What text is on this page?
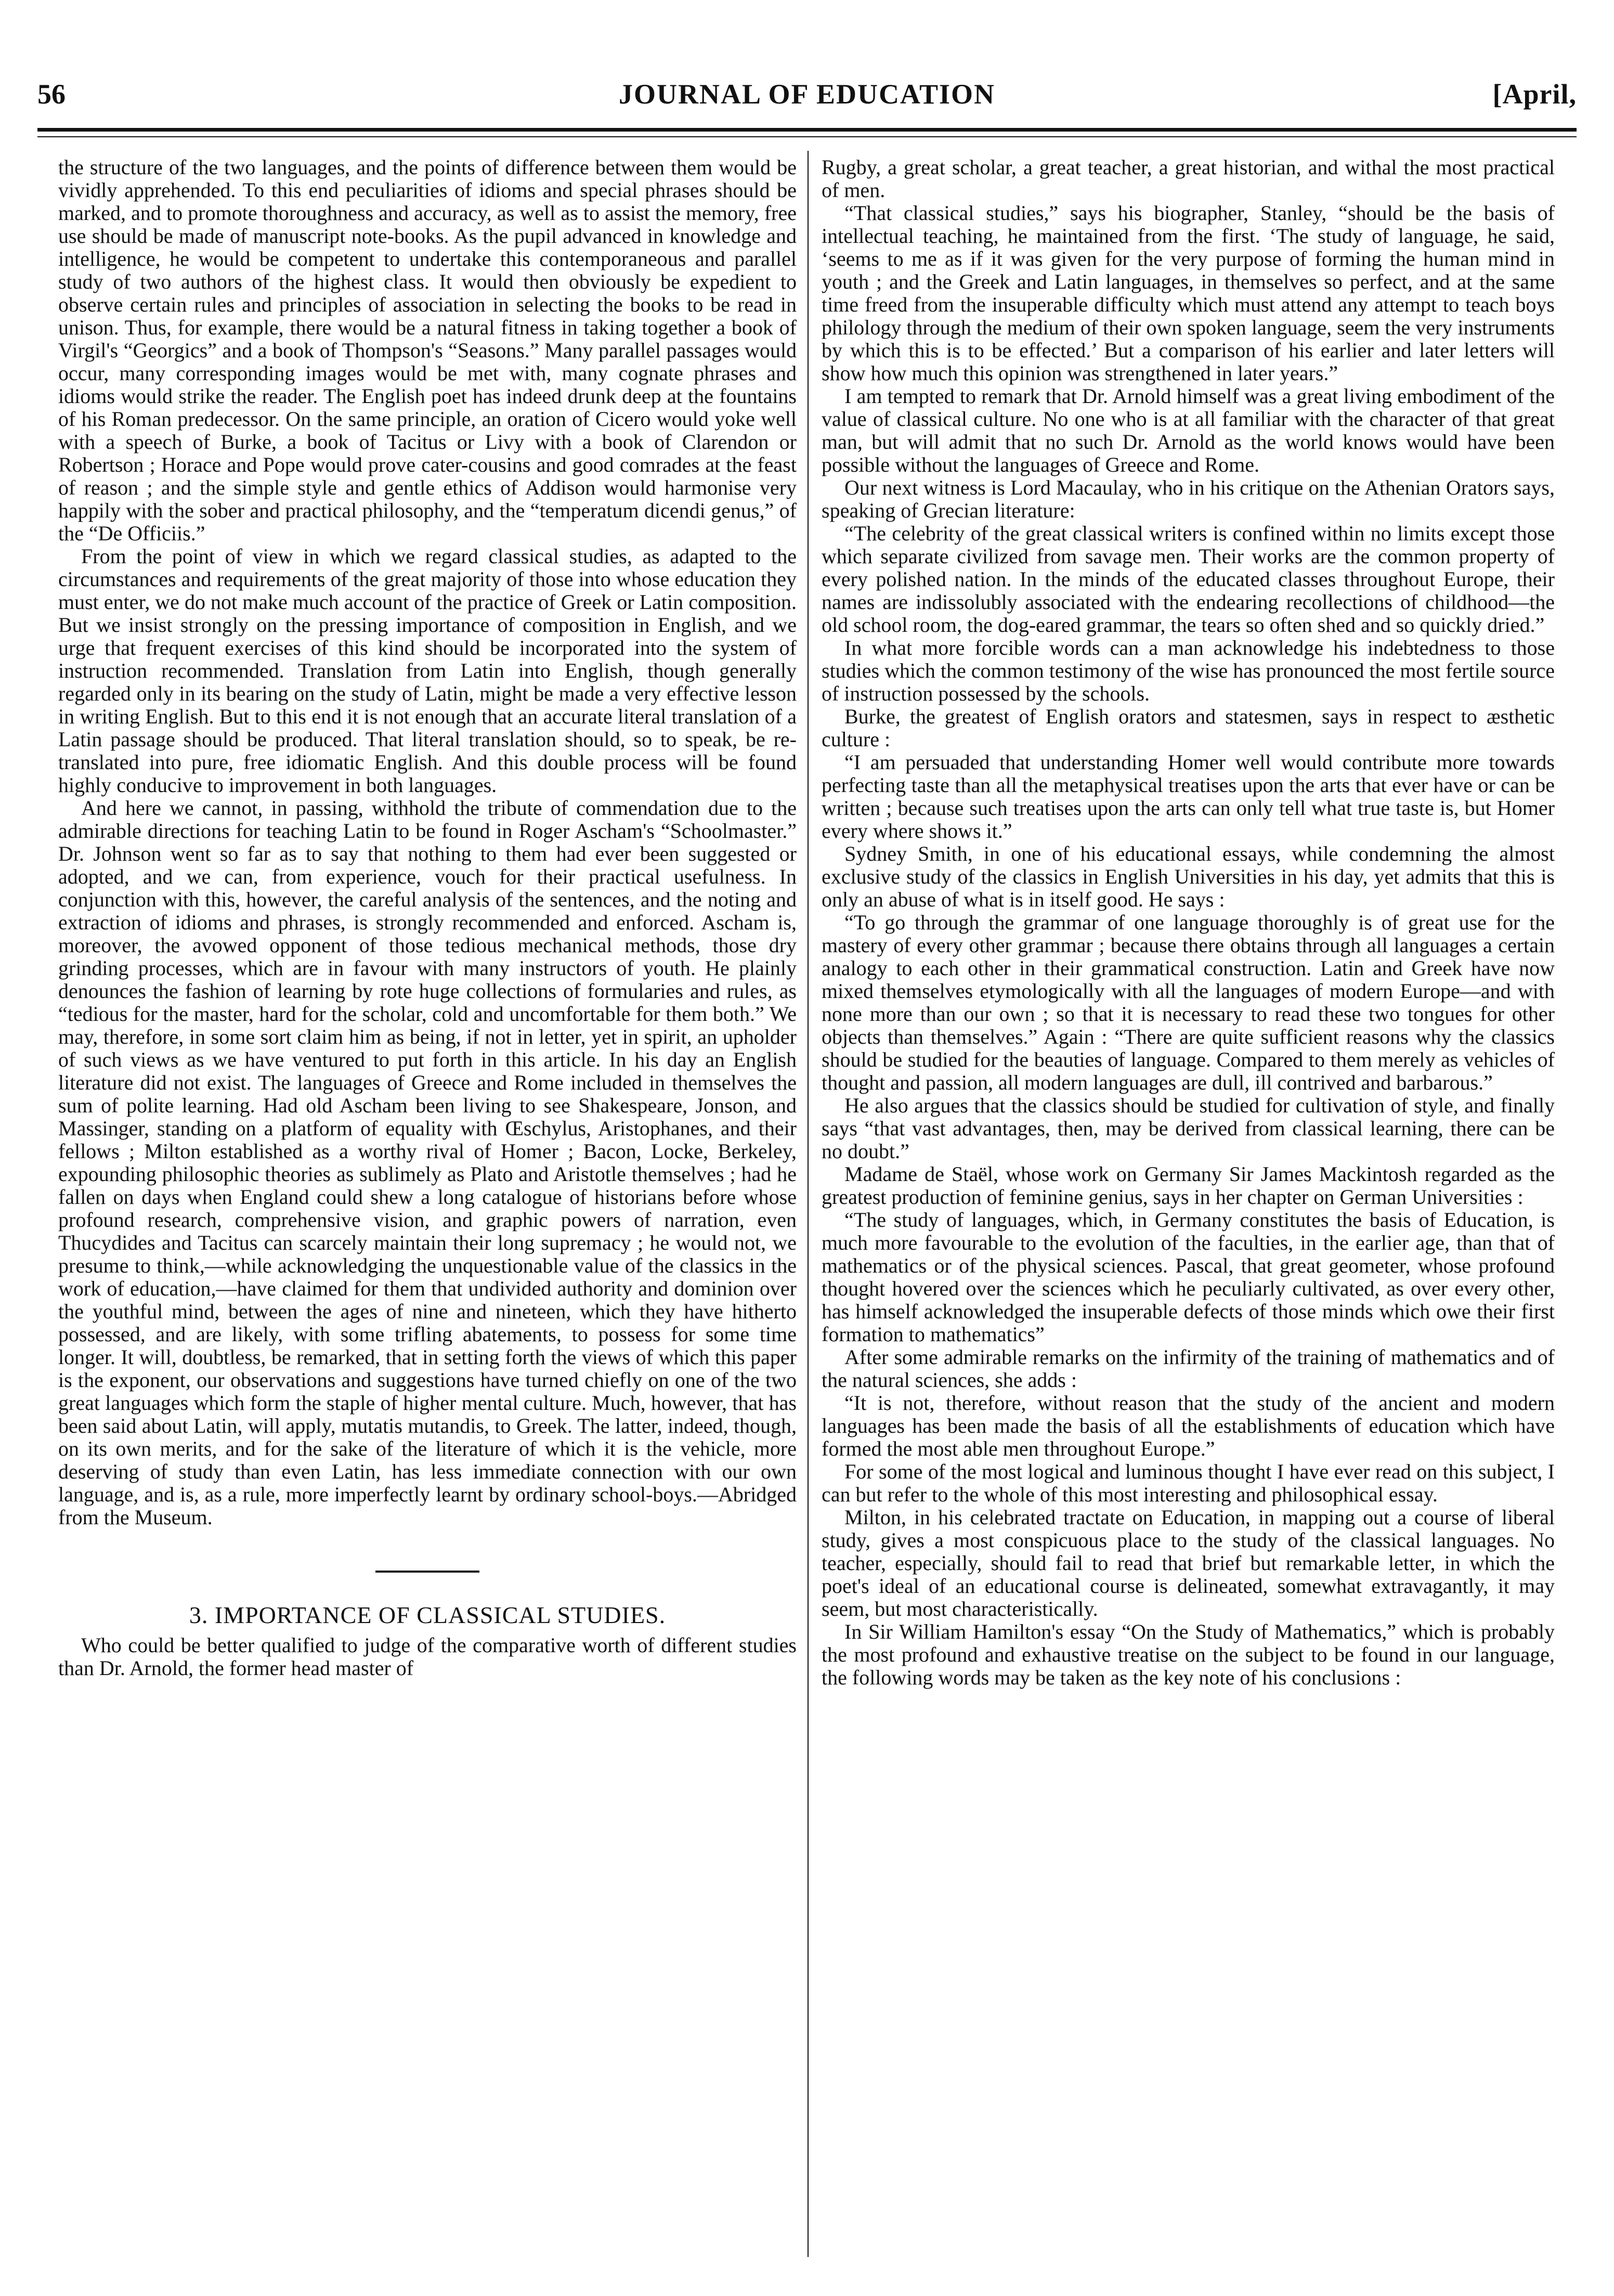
56	JOURNAL OF EDUCATION	[April,

the structure of the two languages, and the points of difference between them would be vividly apprehended. To this end peculiarities of idioms and special phrases should be marked, and to promote thoroughness and accuracy, as well as to assist the memory, free use should be made of manuscript note-books. As the pupil advanced in knowledge and intelligence, he would be competent to undertake this contemporaneous and parallel study of two authors of the highest class. It would then obviously be expedient to observe certain rules and principles of association in selecting the books to be read in unison. Thus, for example, there would be a natural fitness in taking together a book of Virgil's “Georgics” and a book of Thompson's “Seasons.” Many parallel passages would occur, many corresponding images would be met with, many cognate phrases and idioms would strike the reader. The English poet has indeed drunk deep at the fountains of his Roman predecessor. On the same principle, an oration of Cicero would yoke well with a speech of Burke, a book of Tacitus or Livy with a book of Clarendon or Robertson ; Horace and Pope would prove cater-cousins and good comrades at the feast of reason ; and the simple style and gentle ethics of Addison would harmonise very happily with the sober and practical philosophy, and the “temperatum dicendi genus,” of the “De Officiis.”

From the point of view in which we regard classical studies, as adapted to the circumstances and requirements of the great majority of those into whose education they must enter, we do not make much account of the practice of Greek or Latin composition. But we insist strongly on the pressing importance of composition in English, and we urge that frequent exercises of this kind should be incorporated into the system of instruction recommended. Translation from Latin into English, though generally regarded only in its bearing on the study of Latin, might be made a very effective lesson in writing English. But to this end it is not enough that an accurate literal translation of a Latin passage should be produced. That literal translation should, so to speak, be re-translated into pure, free idiomatic English. And this double process will be found highly conducive to improvement in both languages.

And here we cannot, in passing, withhold the tribute of commendation due to the admirable directions for teaching Latin to be found in Roger Ascham's “Schoolmaster.” Dr. Johnson went so far as to say that nothing to them had ever been suggested or adopted, and we can, from experience, vouch for their practical usefulness. In conjunction with this, however, the careful analysis of the sentences, and the noting and extraction of idioms and phrases, is strongly recommended and enforced. Ascham is, moreover, the avowed opponent of those tedious mechanical methods, those dry grinding processes, which are in favour with many instructors of youth. He plainly denounces the fashion of learning by rote huge collections of formularies and rules, as “tedious for the master, hard for the scholar, cold and uncomfortable for them both.” We may, therefore, in some sort claim him as being, if not in letter, yet in spirit, an upholder of such views as we have ventured to put forth in this article. In his day an English literature did not exist. The languages of Greece and Rome included in themselves the sum of polite learning. Had old Ascham been living to see Shakespeare, Jonson, and Massinger, standing on a platform of equality with Œschylus, Aristophanes, and their fellows ; Milton established as a worthy rival of Homer ; Bacon, Locke, Berkeley, expounding philosophic theories as sublimely as Plato and Aristotle themselves ; had he fallen on days when England could shew a long catalogue of historians before whose profound research, comprehensive vision, and graphic powers of narration, even Thucydides and Tacitus can scarcely maintain their long supremacy ; he would not, we presume to think,—while acknowledging the unquestionable value of the classics in the work of education,—have claimed for them that undivided authority and dominion over the youthful mind, between the ages of nine and nineteen, which they have hitherto possessed, and are likely, with some trifling abatements, to possess for some time longer. It will, doubtless, be remarked, that in setting forth the views of which this paper is the exponent, our observations and suggestions have turned chiefly on one of the two great languages which form the staple of higher mental culture. Much, however, that has been said about Latin, will apply, mutatis mutandis, to Greek. The latter, indeed, though, on its own merits, and for the sake of the literature of which it is the vehicle, more deserving of study than even Latin, has less immediate connection with our own language, and is, as a rule, more imperfectly learnt by ordinary school-boys.—Abridged from the Museum.

3. IMPORTANCE OF CLASSICAL STUDIES.

Who could be better qualified to judge of the comparative worth of different studies than Dr. Arnold, the former head master of

Rugby, a great scholar, a great teacher, a great historian, and withal the most practical of men.

“That classical studies,” says his biographer, Stanley, “should be the basis of intellectual teaching, he maintained from the first. ‘The study of language, he said, ‘seems to me as if it was given for the very purpose of forming the human mind in youth ; and the Greek and Latin languages, in themselves so perfect, and at the same time freed from the insuperable difficulty which must attend any attempt to teach boys philology through the medium of their own spoken language, seem the very instruments by which this is to be effected.’ But a comparison of his earlier and later letters will show how much this opinion was strengthened in later years.”

I am tempted to remark that Dr. Arnold himself was a great living embodiment of the value of classical culture. No one who is at all familiar with the character of that great man, but will admit that no such Dr. Arnold as the world knows would have been possible without the languages of Greece and Rome.

Our next witness is Lord Macaulay, who in his critique on the Athenian Orators says, speaking of Grecian literature:

“The celebrity of the great classical writers is confined within no limits except those which separate civilized from savage men. Their works are the common property of every polished nation. In the minds of the educated classes throughout Europe, their names are indissolubly associated with the endearing recollections of childhood—the old school room, the dog-eared grammar, the tears so often shed and so quickly dried.”

In what more forcible words can a man acknowledge his indebtedness to those studies which the common testimony of the wise has pronounced the most fertile source of instruction possessed by the schools.

Burke, the greatest of English orators and statesmen, says in respect to æsthetic culture :

“I am persuaded that understanding Homer well would contribute more towards perfecting taste than all the metaphysical treatises upon the arts that ever have or can be written ; because such treatises upon the arts can only tell what true taste is, but Homer every where shows it.”

Sydney Smith, in one of his educational essays, while condemning the almost exclusive study of the classics in English Universities in his day, yet admits that this is only an abuse of what is in itself good. He says :

“To go through the grammar of one language thoroughly is of great use for the mastery of every other grammar ; because there obtains through all languages a certain analogy to each other in their grammatical construction. Latin and Greek have now mixed themselves etymologically with all the languages of modern Europe—and with none more than our own ; so that it is necessary to read these two tongues for other objects than themselves.” Again : “There are quite sufficient reasons why the classics should be studied for the beauties of language. Compared to them merely as vehicles of thought and passion, all modern languages are dull, ill contrived and barbarous.”

He also argues that the classics should be studied for cultivation of style, and finally says “that vast advantages, then, may be derived from classical learning, there can be no doubt.”

Madame de Staël, whose work on Germany Sir James Mackintosh regarded as the greatest production of feminine genius, says in her chapter on German Universities :

“The study of languages, which, in Germany constitutes the basis of Education, is much more favourable to the evolution of the faculties, in the earlier age, than that of mathematics or of the physical sciences. Pascal, that great geometer, whose profound thought hovered over the sciences which he peculiarly cultivated, as over every other, has himself acknowledged the insuperable defects of those minds which owe their first formation to mathematics”

After some admirable remarks on the infirmity of the training of mathematics and of the natural sciences, she adds :

“It is not, therefore, without reason that the study of the ancient and modern languages has been made the basis of all the establishments of education which have formed the most able men throughout Europe.”

For some of the most logical and luminous thought I have ever read on this subject, I can but refer to the whole of this most interesting and philosophical essay.

Milton, in his celebrated tractate on Education, in mapping out a course of liberal study, gives a most conspicuous place to the study of the classical languages. No teacher, especially, should fail to read that brief but remarkable letter, in which the poet's ideal of an educational course is delineated, somewhat extravagantly, it may seem, but most characteristically.

In Sir William Hamilton's essay “On the Study of Mathematics,” which is probably the most profound and exhaustive treatise on the subject to be found in our language, the following words may be taken as the key note of his conclusions :
